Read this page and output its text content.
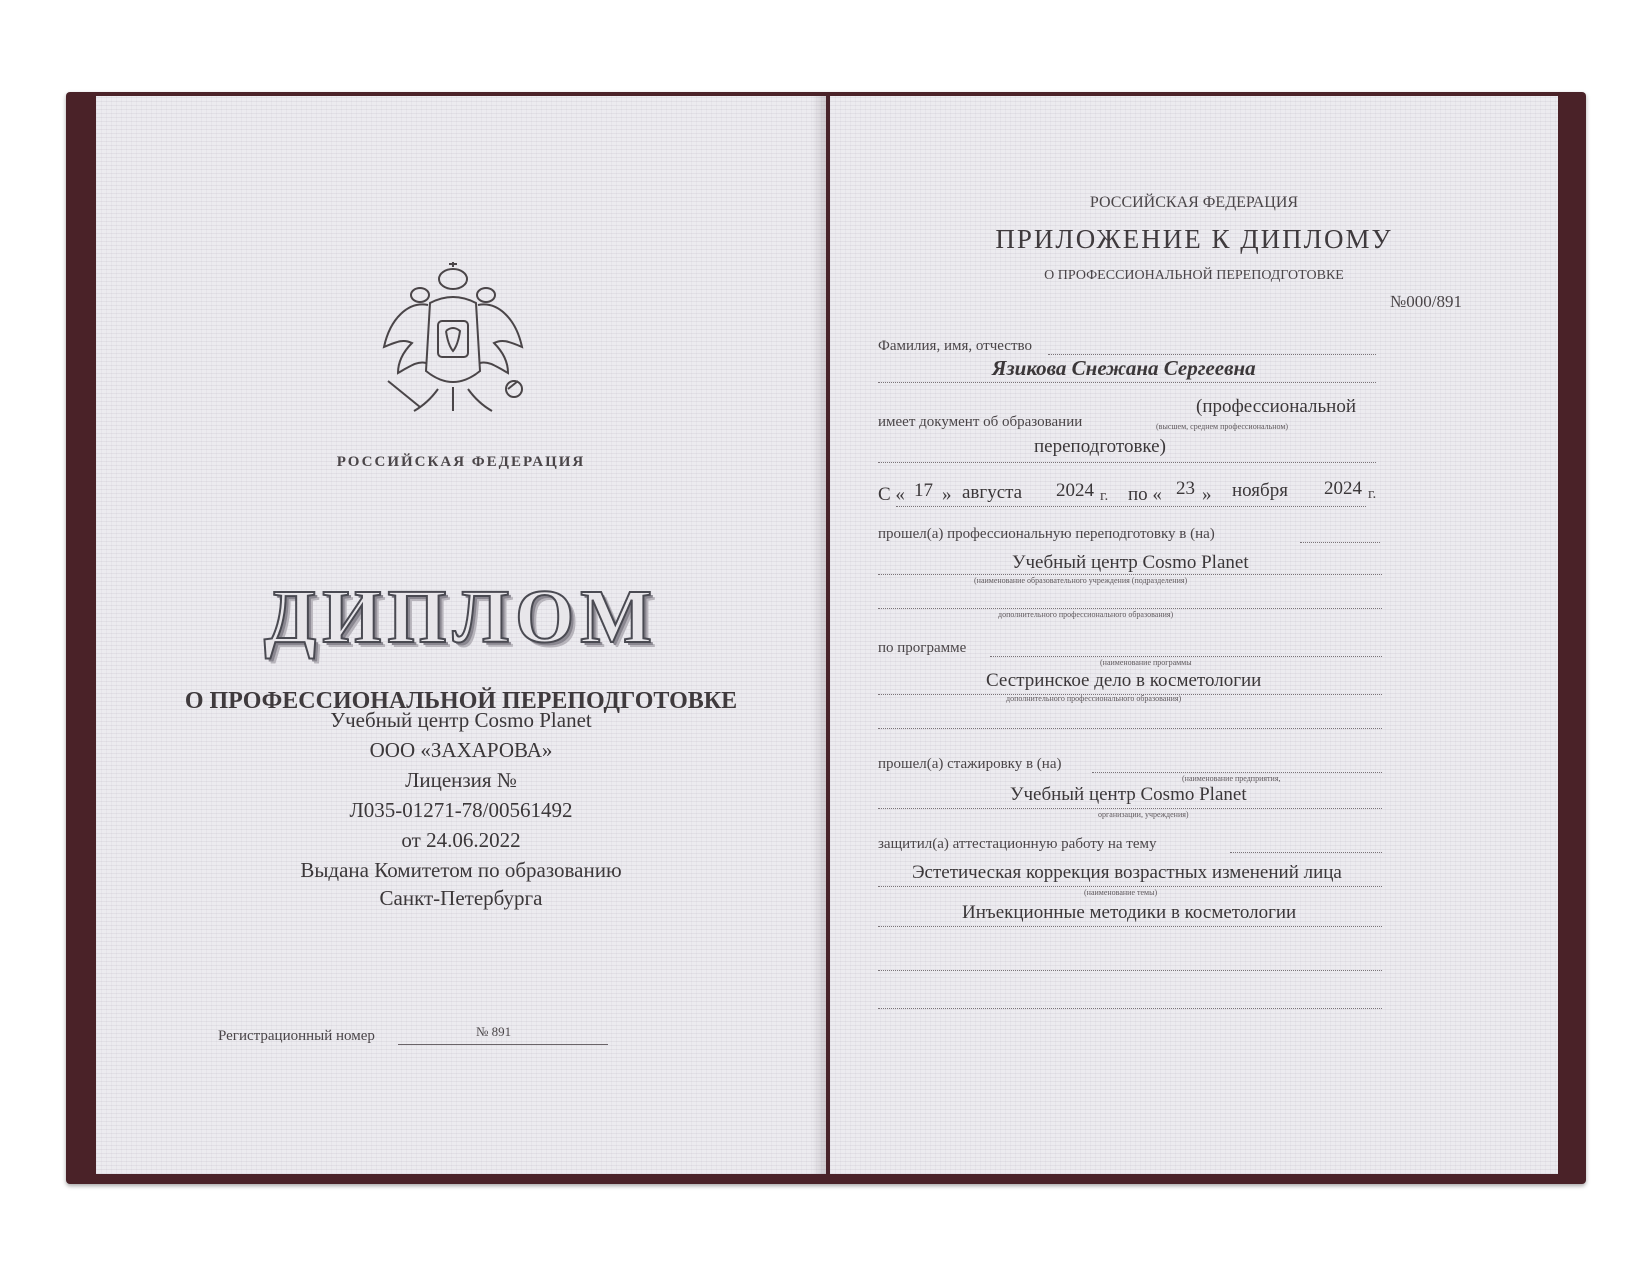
РОССИЙСКАЯ ФЕДЕРАЦИЯ
ДИПЛОМ
О ПРОФЕССИОНАЛЬНОЙ ПЕРЕПОДГОТОВКЕ
Учебный центр Cosmo Planet
ООО «ЗАХАРОВА»
Лицензия №
Л035-01271-78/00561492
от 24.06.2022
Выдана Комитетом по образованию
Санкт-Петербурга
Регистрационный номер	№ 891
РОССИЙСКАЯ ФЕДЕРАЦИЯ
ПРИЛОЖЕНИЕ К ДИПЛОМУ
О ПРОФЕССИОНАЛЬНОЙ ПЕРЕПОДГОТОВКЕ
№000/891
Фамилия, имя, отчество
Язикова Снежана Сергеевна
имеет документ об образовании
(профессиональной
(высшем, среднем профессиональном)
переподготовке)
С « 17 » августа 2024 г. по « 23 » ноября 2024 г.
прошел(а) профессиональную переподготовку в (на)
Учебный центр Cosmo Planet
(наименование образовательного учреждения (подразделения)
дополнительного профессионального образования)
по программе
(наименование программы
Сестринское дело в косметологии
дополнительного профессионального образования)
прошел(а) стажировку в (на)
(наименование предприятия,
Учебный центр Cosmo Planet
организации, учреждения)
защитил(а) аттестационную работу на тему
Эстетическая коррекция возрастных изменений лица
(наименование темы)
Инъекционные методики в косметологии
